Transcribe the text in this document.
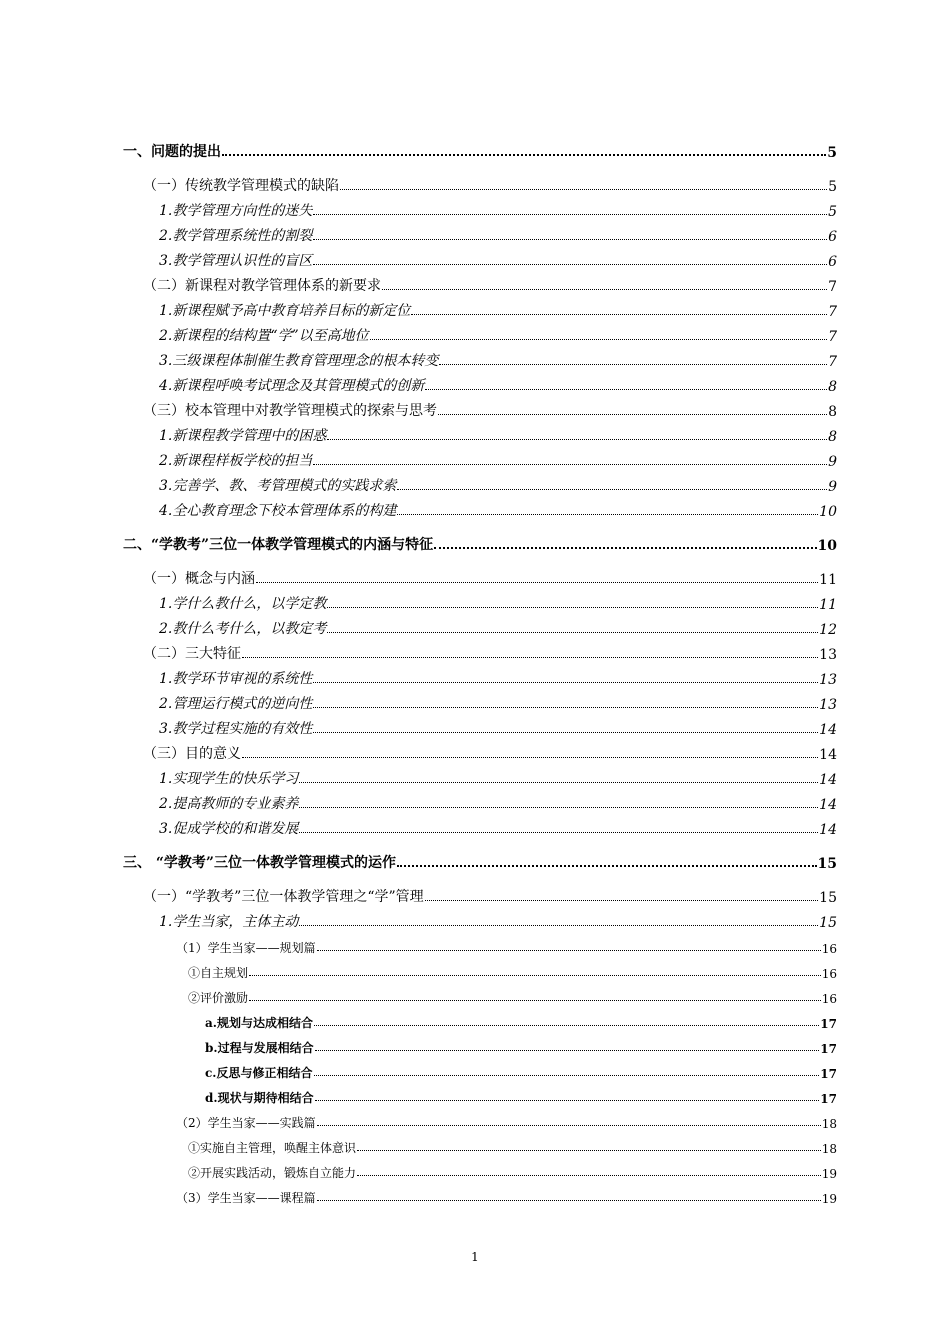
一、问题的提出	5
（一）传统教学管理模式的缺陷	5
1.教学管理方向性的迷失	5
2.教学管理系统性的割裂	6
3.教学管理认识性的盲区	6
（二）新课程对教学管理体系的新要求	7
1.新课程赋予高中教育培养目标的新定位	7
2.新课程的结构置“学”以至高地位	7
3.三级课程体制催生教育管理理念的根本转变	7
4.新课程呼唤考试理念及其管理模式的创新	8
（三）校本管理中对教学管理模式的探索与思考	8
1.新课程教学管理中的困惑	8
2.新课程样板学校的担当	9
3.完善学、教、考管理模式的实践求索	9
4.全心教育理念下校本管理体系的构建	10
二、“学教考”三位一体教学管理模式的内涵与特征	10
（一）概念与内涵	11
1.学什么教什么，以学定教	11
2.教什么考什么，以教定考	12
（二）三大特征	13
1.教学环节审视的系统性	13
2.管理运行模式的逆向性	13
3.教学过程实施的有效性	14
（三）目的意义	14
1.实现学生的快乐学习	14
2.提高教师的专业素养	14
3.促成学校的和谐发展	14
三、 “学教考”三位一体教学管理模式的运作	15
（一）“学教考”三位一体教学管理之“学”管理	15
1.学生当家，主体主动	15
（1）学生当家——规划篇	16
①自主规划	16
②评价激励	16
a.规划与达成相结合	17
b.过程与发展相结合	17
c.反思与修正相结合	17
d.现状与期待相结合	17
（2）学生当家——实践篇	18
①实施自主管理，唤醒主体意识	18
②开展实践活动，锻炼自立能力	19
（3）学生当家——课程篇	19
1
